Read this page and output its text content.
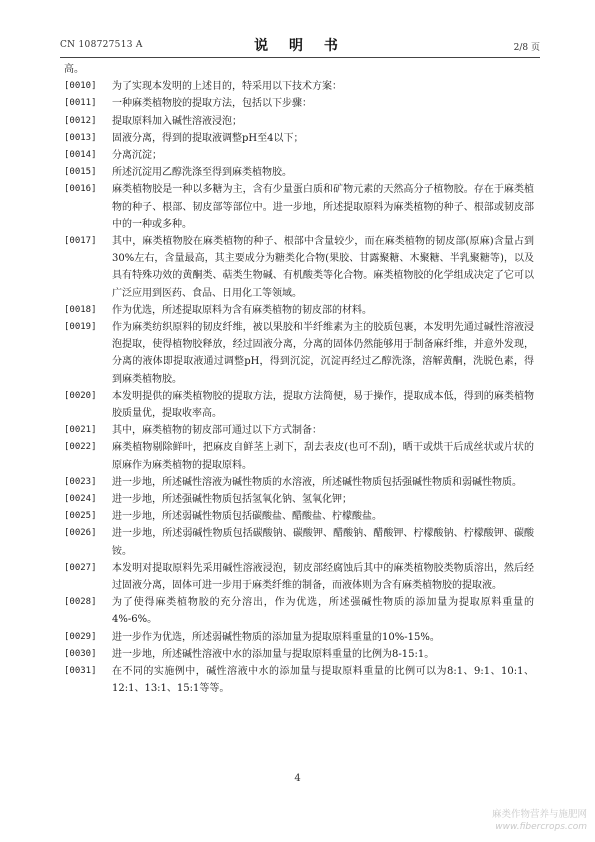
CN 108727513 A	说 明 书	2/8 页

高。

[0010]	为了实现本发明的上述目的，特采用以下技术方案：
[0011]	一种麻类植物胶的提取方法，包括以下步骤：
[0012]	提取原料加入碱性溶液浸泡；
[0013]	固液分离，得到的提取液调整pH至4以下；
[0014]	分离沉淀；
[0015]	所述沉淀用乙醇洗涤至得到麻类植物胶。
[0016]	麻类植物胶是一种以多糖为主，含有少量蛋白质和矿物元素的天然高分子植物胶。存在于麻类植物的种子、根部、韧皮部等部位中。进一步地，所述提取原料为麻类植物的种子、根部或韧皮部中的一种或多种。
[0017]	其中，麻类植物胶在麻类植物的种子、根部中含量较少，而在麻类植物的韧皮部(原麻)含量占到30%左右，含量最高，其主要成分为糖类化合物(果胶、甘露聚糖、木聚糖、半乳聚糖等)，以及具有特殊功效的黄酮类、萜类生物碱、有机酸类等化合物。麻类植物胶的化学组成决定了它可以广泛应用到医药、食品、日用化工等领域。
[0018]	作为优选，所述提取原料为含有麻类植物的韧皮部的材料。
[0019]	作为麻类纺织原料的韧皮纤维，被以果胶和半纤维素为主的胶质包裹，本发明先通过碱性溶液浸泡提取，使得植物胶释放，经过固液分离，分离的固体仍然能够用于制备麻纤维，并意外发现，分离的液体即提取液通过调整pH，得到沉淀，沉淀再经过乙醇洗涤，溶解黄酮，洗脱色素，得到麻类植物胶。
[0020]	本发明提供的麻类植物胶的提取方法，提取方法简便，易于操作，提取成本低，得到的麻类植物胶质量优，提取收率高。
[0021]	其中，麻类植物的韧皮部可通过以下方式制备：
[0022]	麻类植物剔除鲜叶，把麻皮自鲜茎上剥下，刮去表皮(也可不刮)，晒干或烘干后成丝状或片状的原麻作为麻类植物的提取原料。
[0023]	进一步地，所述碱性溶液为碱性物质的水溶液，所述碱性物质包括强碱性物质和弱碱性物质。
[0024]	进一步地，所述强碱性物质包括氢氧化钠、氢氧化钾；
[0025]	进一步地，所述弱碱性物质包括碳酸盐、醋酸盐、柠檬酸盐。
[0026]	进一步地，所述弱碱性物质包括碳酸钠、碳酸钾、醋酸钠、醋酸钾、柠檬酸钠、柠檬酸钾、碳酸铵。
[0027]	本发明对提取原料先采用碱性溶液浸泡，韧皮部经腐蚀后其中的麻类植物胶类物质溶出，然后经过固液分离，固体可进一步用于麻类纤维的制备，而液体则为含有麻类植物胶的提取液。
[0028]	为了使得麻类植物胶的充分溶出，作为优选，所述强碱性物质的添加量为提取原料重量的4%-6%。
[0029]	进一步作为优选，所述弱碱性物质的添加量为提取原料重量的10%-15%。
[0030]	进一步地，所述碱性溶液中水的添加量与提取原料重量的比例为8-15:1。
[0031]	在不同的实施例中，碱性溶液中水的添加量与提取原料重量的比例可以为8:1、9:1、10:1、12:1、13:1、15:1等等。
4
麻类作物营养与施肥网
www.fibercrops.com
